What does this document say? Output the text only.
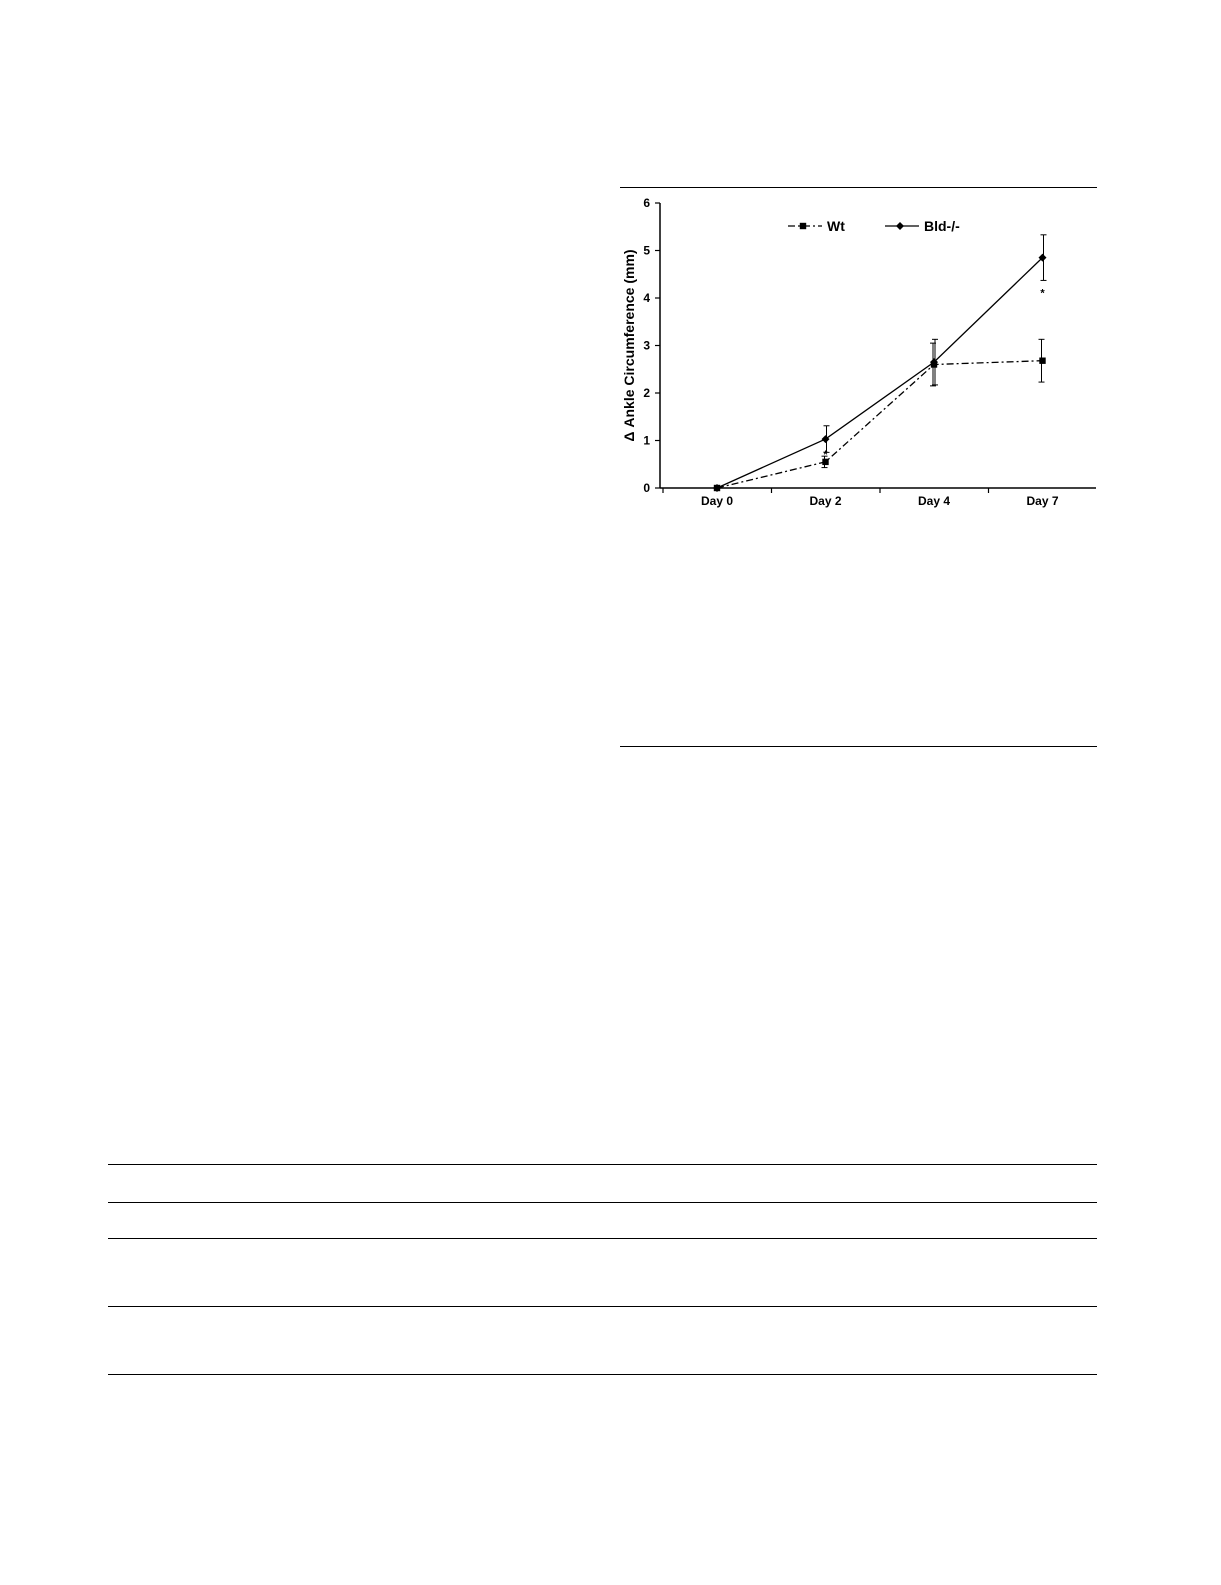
0
1
2
3
4
5
6
Day 0	Day 2	Day 4	Day 7
Δ Ankle Circumference (mm)
Wt	Bld-/-
*
*
